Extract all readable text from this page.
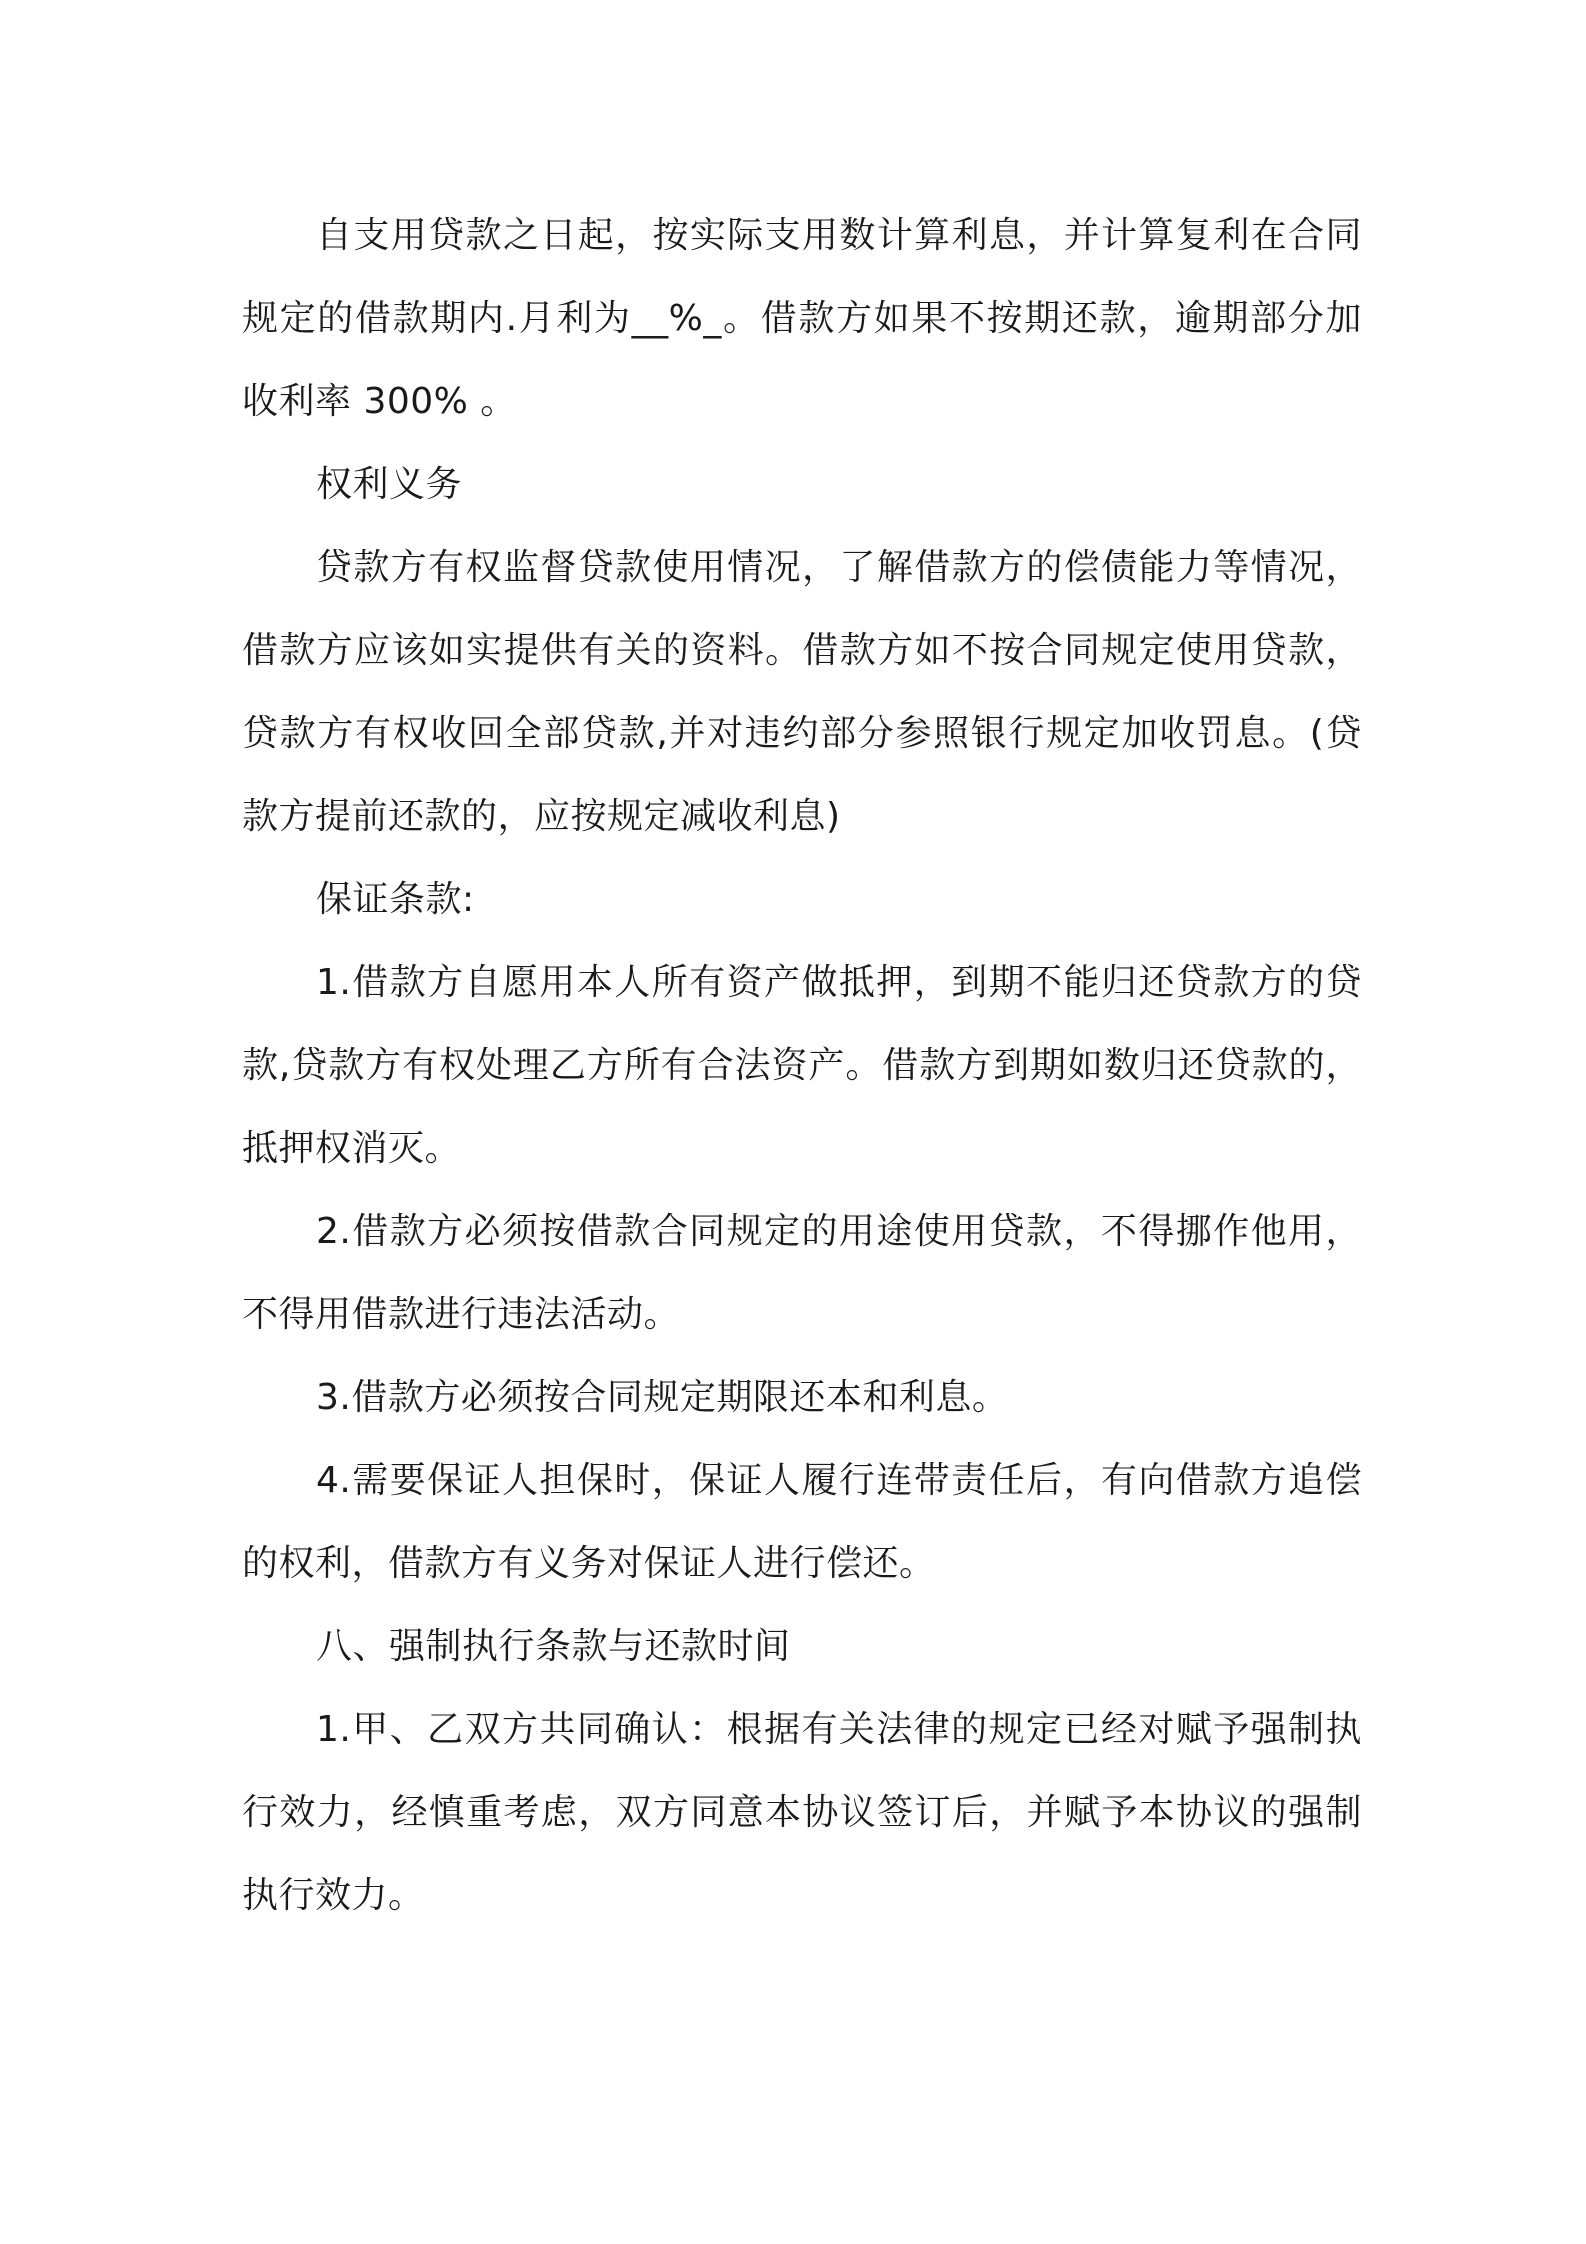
自支用贷款之日起，按实际支用数计算利息，并计算复利在合同规定的借款期内.月利为__%_。借款方如果不按期还款，逾期部分加收利率 300% 。

权利义务

贷款方有权监督贷款使用情况，了解借款方的偿债能力等情况，借款方应该如实提供有关的资料。借款方如不按合同规定使用贷款，贷款方有权收回全部贷款,并对违约部分参照银行规定加收罚息。(贷款方提前还款的，应按规定减收利息)

保证条款:

1.借款方自愿用本人所有资产做抵押，到期不能归还贷款方的贷款,贷款方有权处理乙方所有合法资产。借款方到期如数归还贷款的，抵押权消灭。

2.借款方必须按借款合同规定的用途使用贷款，不得挪作他用，不得用借款进行违法活动。

3.借款方必须按合同规定期限还本和利息。

4.需要保证人担保时，保证人履行连带责任后，有向借款方追偿的权利，借款方有义务对保证人进行偿还。

八、强制执行条款与还款时间

1.甲、乙双方共同确认：根据有关法律的规定已经对赋予强制执行效力，经慎重考虑，双方同意本协议签订后，并赋予本协议的强制执行效力。
